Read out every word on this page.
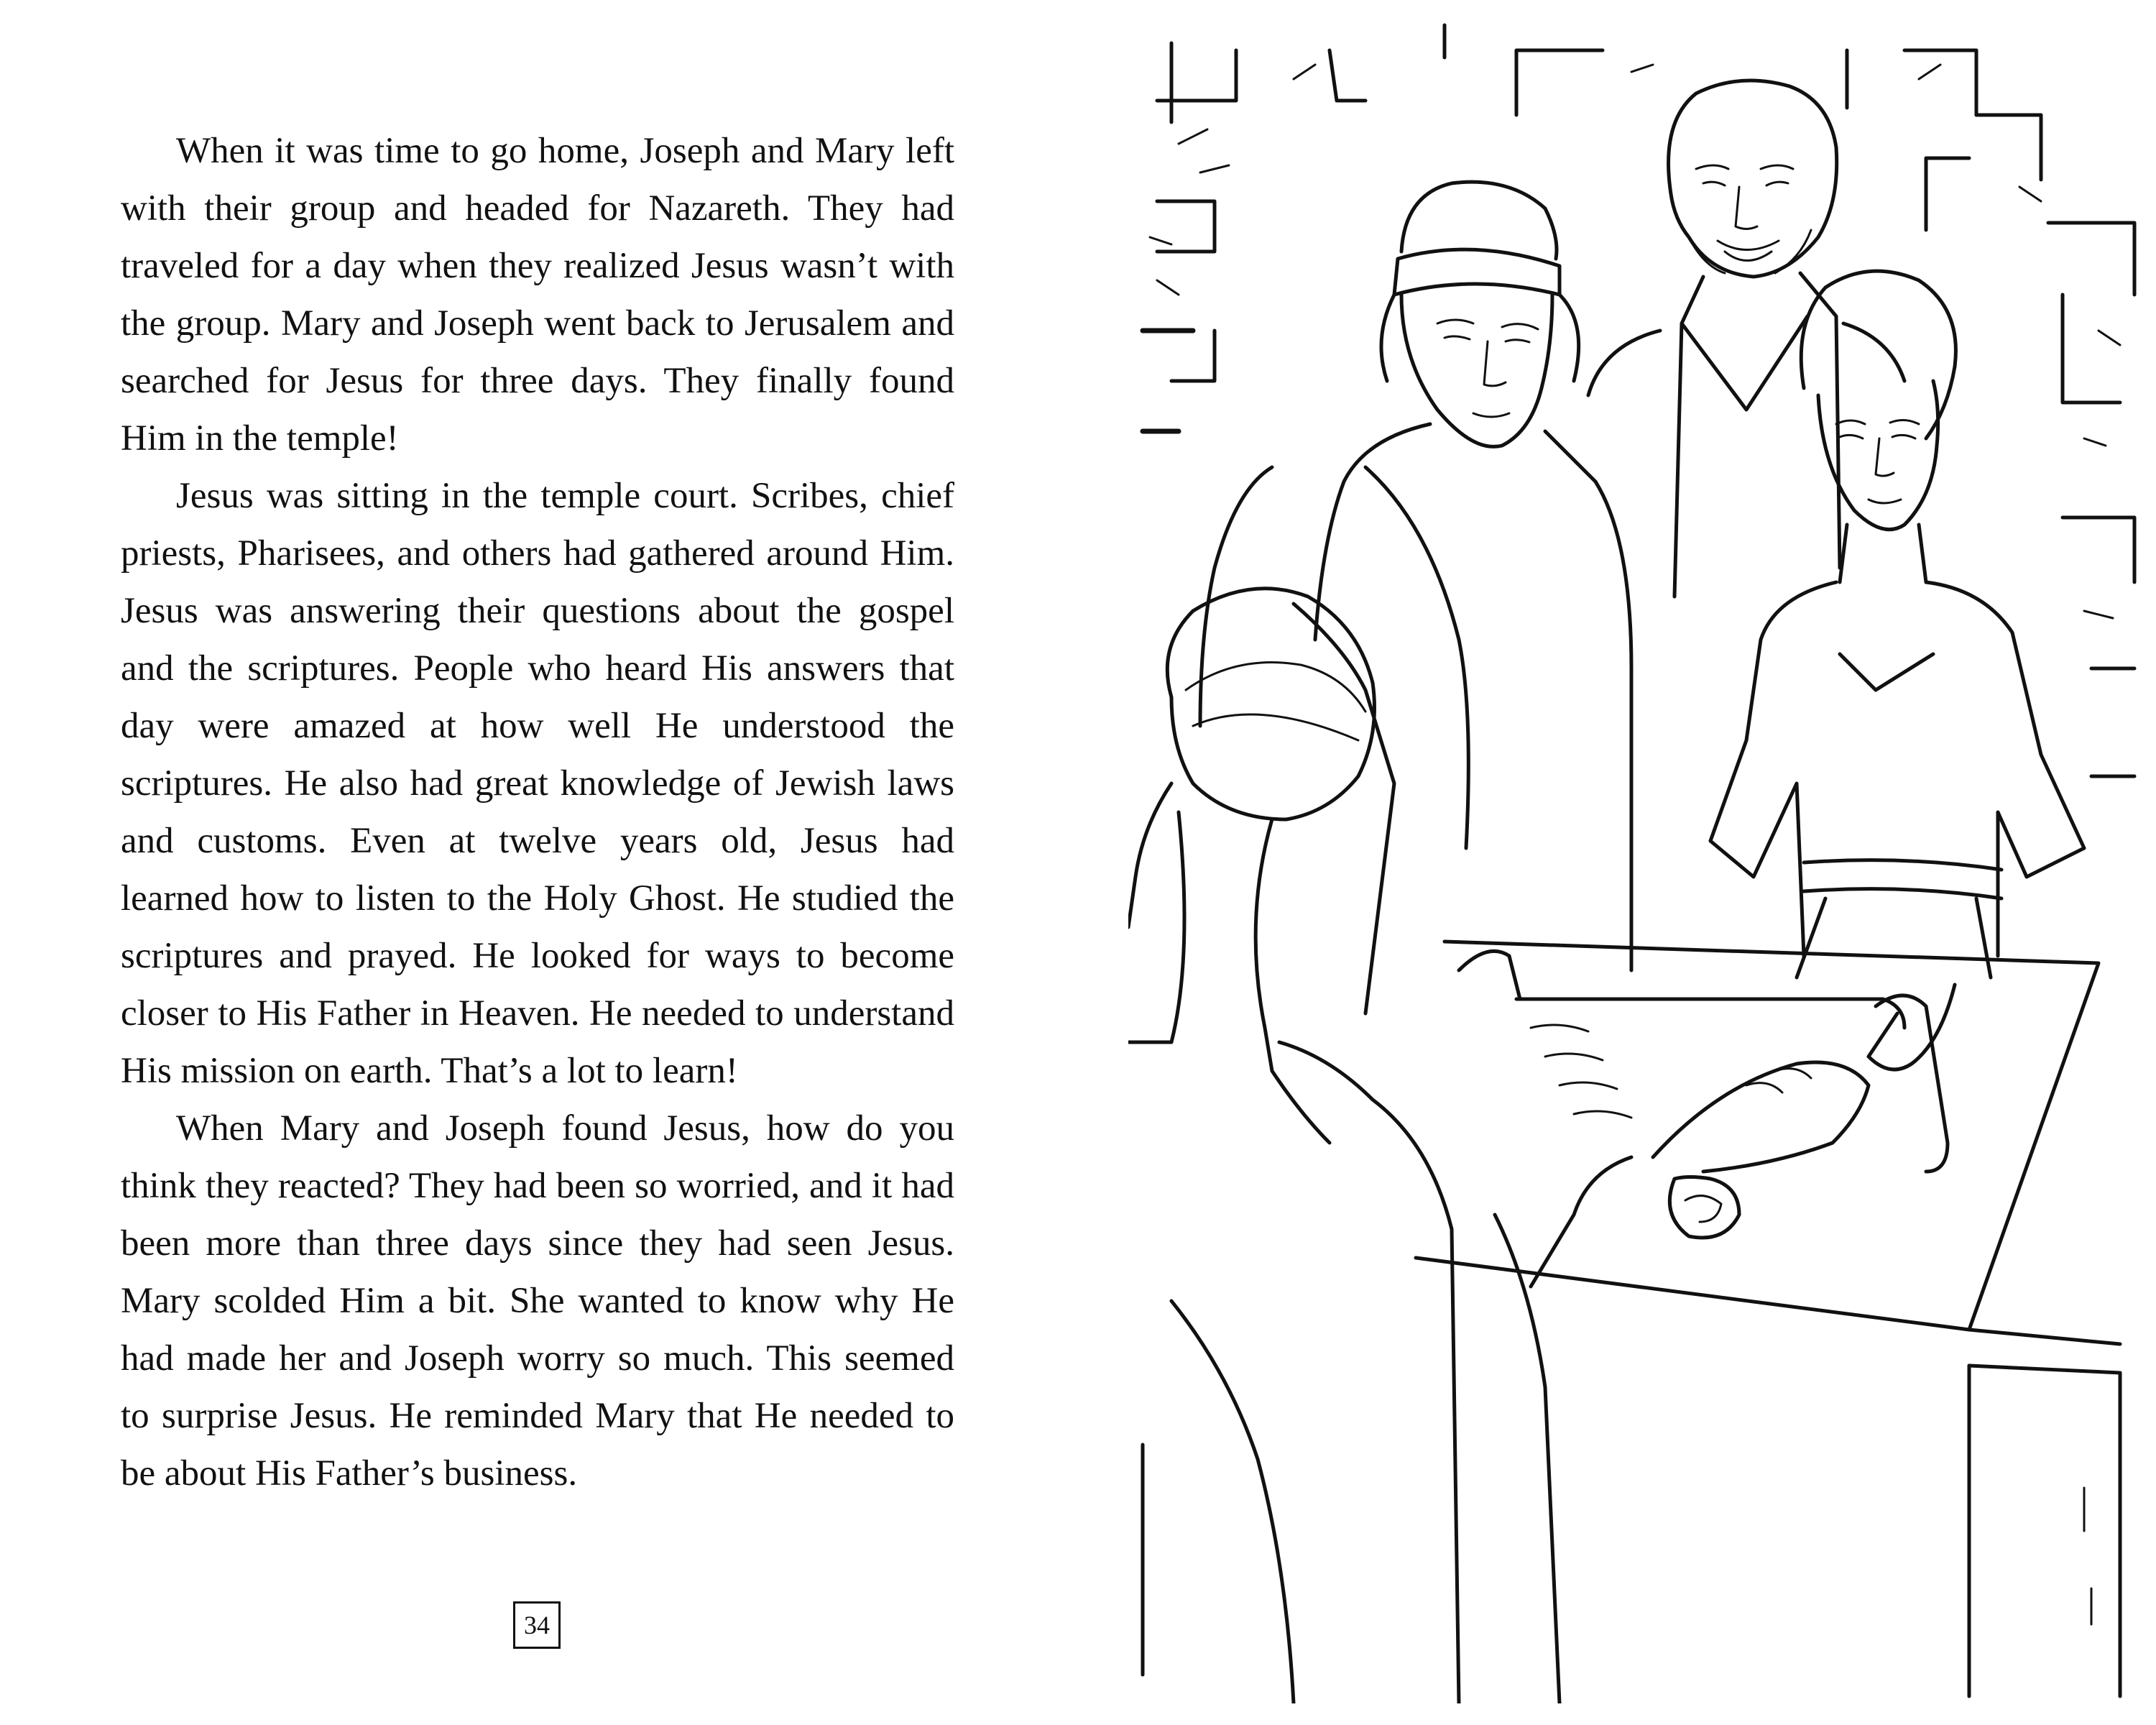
When it was time to go home, Joseph and Mary left with their group and headed for Nazareth. They had traveled for a day when they realized Jesus wasn’t with the group. Mary and Joseph went back to Jerusalem and searched for Jesus for three days. They finally found Him in the temple!

Jesus was sitting in the temple court. Scribes, chief priests, Pharisees, and others had gathered around Him. Jesus was answering their questions about the gospel and the scriptures. People who heard His answers that day were amazed at how well He understood the scriptures. He also had great knowledge of Jewish laws and customs. Even at twelve years old, Jesus had learned how to listen to the Holy Ghost. He studied the scriptures and prayed. He looked for ways to become closer to His Father in Heaven. He needed to understand His mission on earth. That’s a lot to learn!

When Mary and Joseph found Jesus, how do you think they reacted? They had been so worried, and it had been more than three days since they had seen Jesus. Mary scolded Him a bit. She wanted to know why He had made her and Joseph worry so much. This seemed to surprise Jesus. He reminded Mary that He needed to be about His Father’s business.

34
